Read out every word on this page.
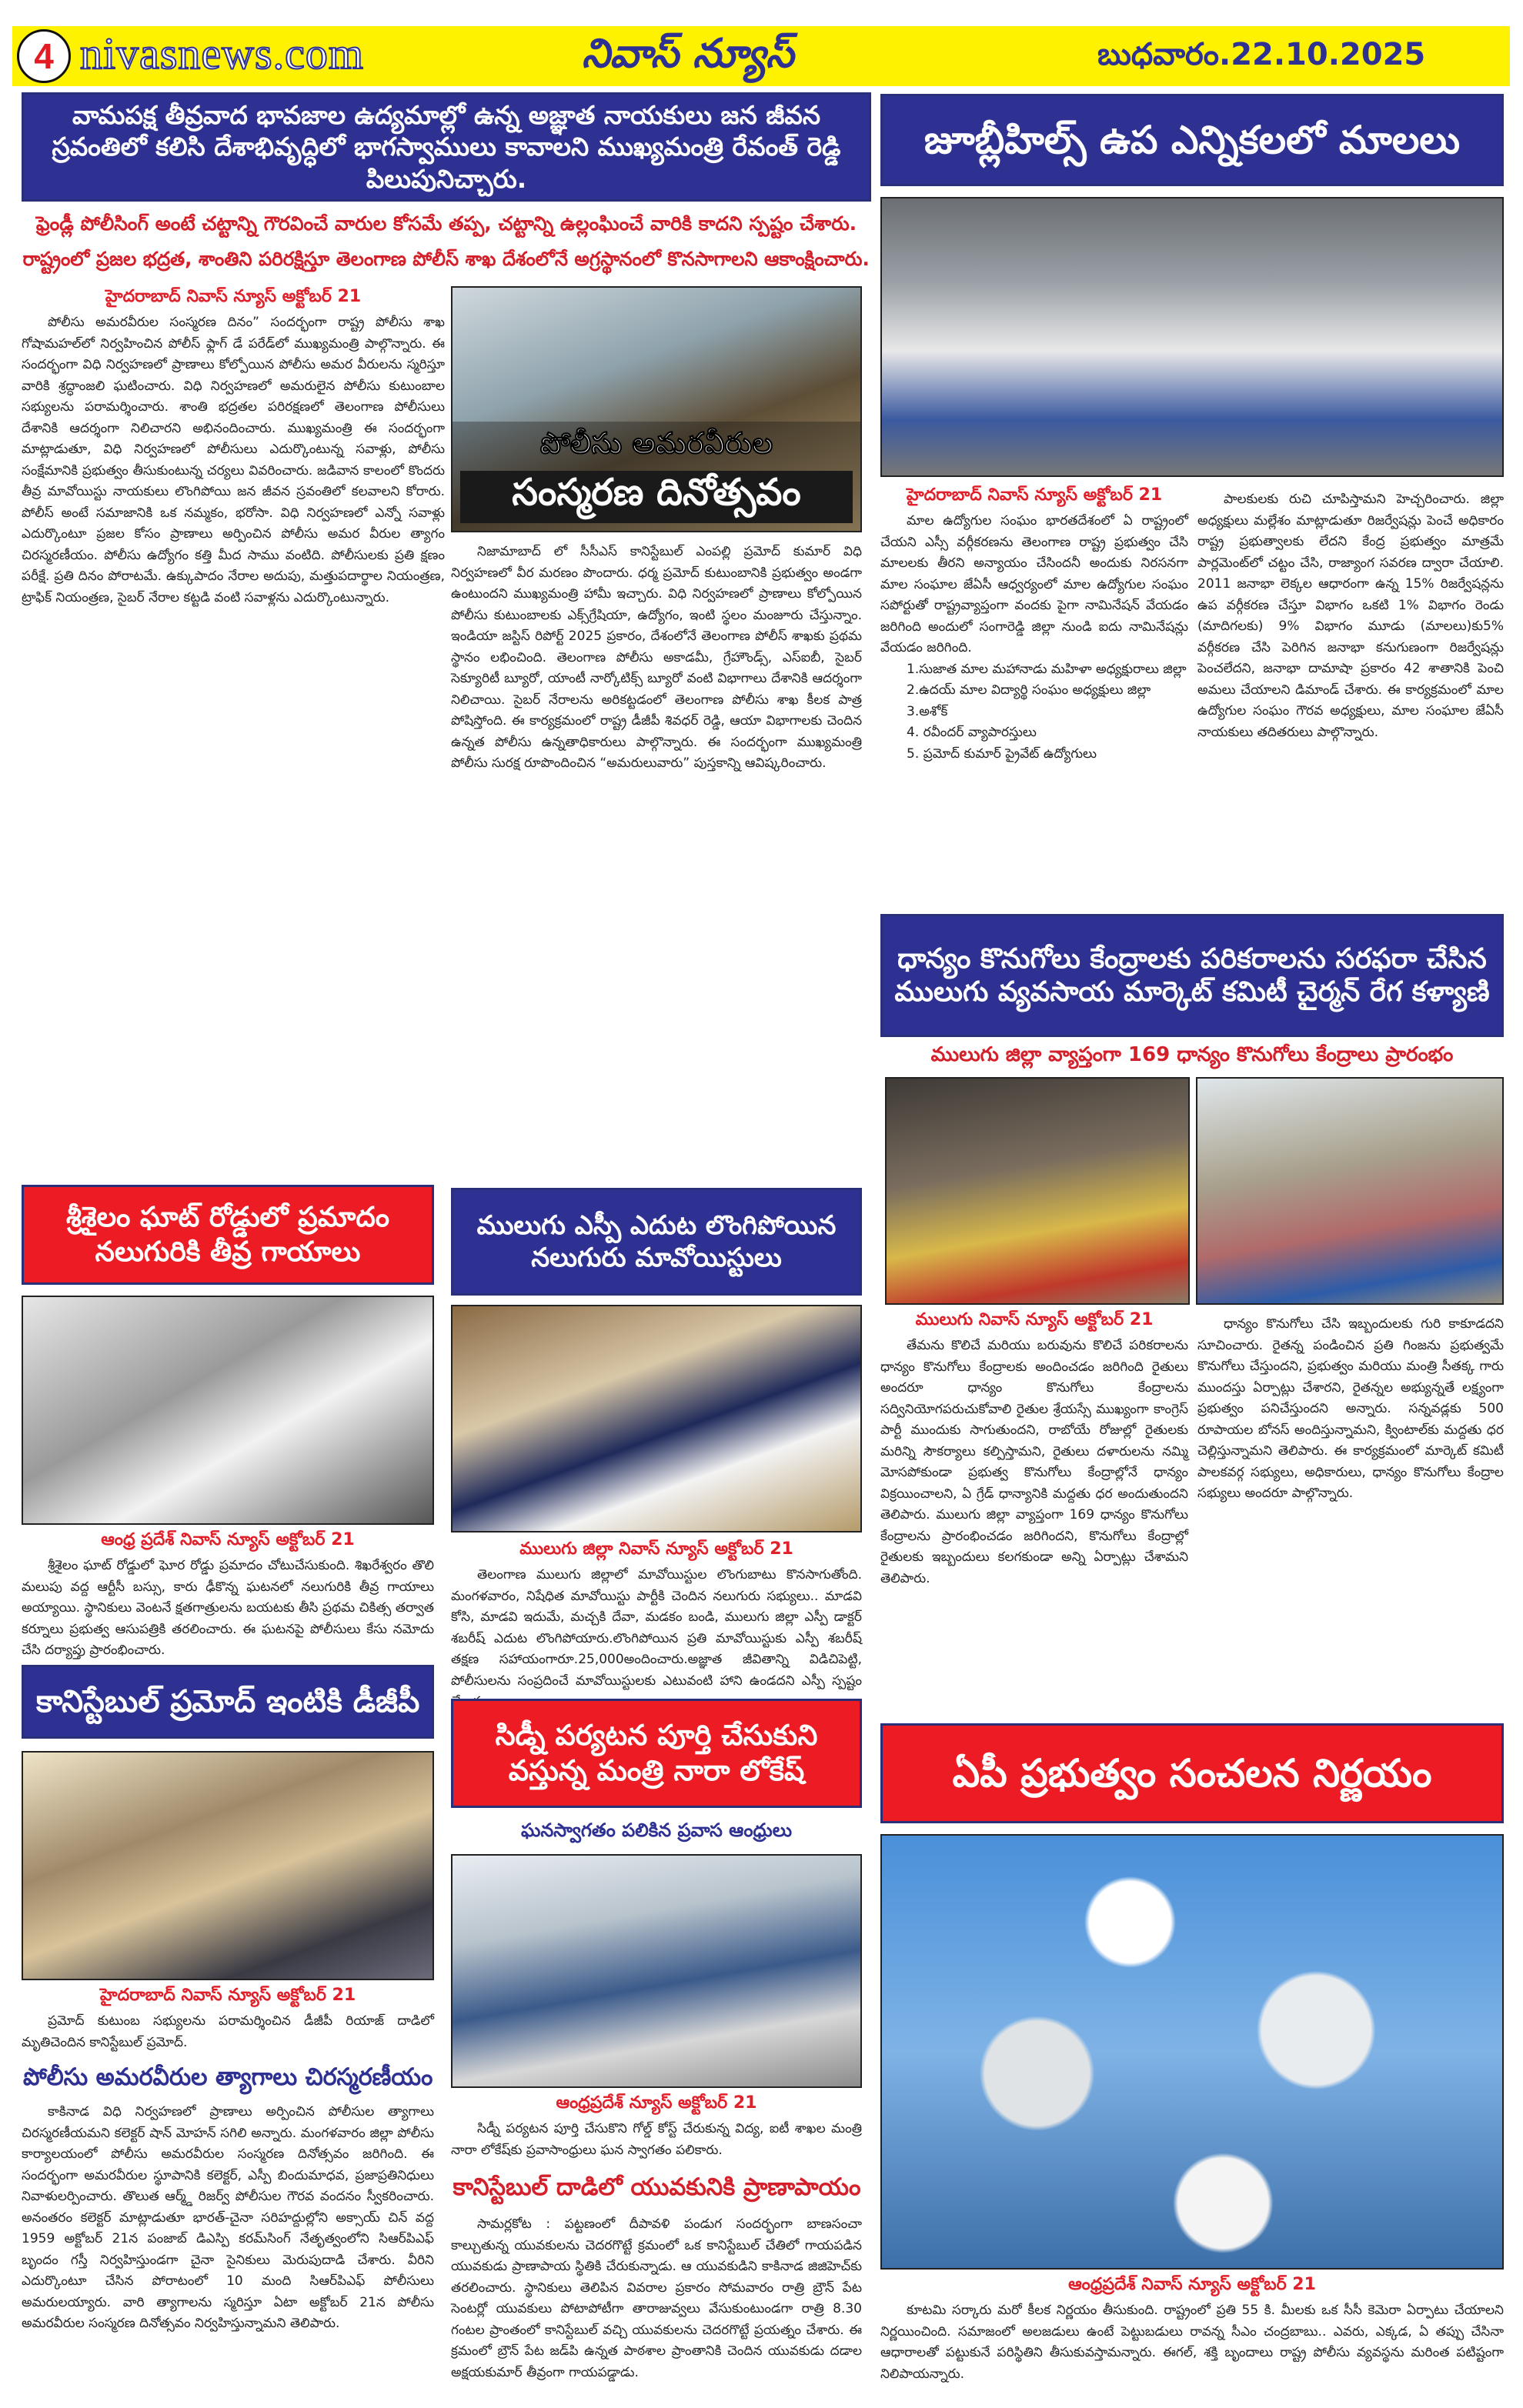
4 nivasnews.com	నివాస్ న్యూస్	బుధవారం.22.10.2025
వామపక్ష తీవ్రవాద భావజాల ఉద్యమాల్లో ఉన్న అజ్ఞాత నాయకులు జన జీవన స్రవంతిలో కలిసి దేశాభివృద్ధిలో భాగస్వాములు కావాలని ముఖ్యమంత్రి రేవంత్ రెడ్డి పిలుపునిచ్చారు.
ఫ్రెండ్లీ పోలీసింగ్ అంటే చట్టాన్ని గౌరవించే వారుల కోసమే తప్ప, చట్టాన్ని ఉల్లంఘించే వారికి కాదని స్పష్టం చేశారు.
రాష్ట్రంలో ప్రజల భద్రత, శాంతిని పరిరక్షిస్తూ తెలంగాణ పోలీస్ శాఖ దేశంలోనే అగ్రస్థానంలో కొనసాగాలని ఆకాంక్షించారు.
హైదరాబాద్ నివాస్ న్యూస్ అక్టోబర్ 21

పోలీసు అమరవీరుల సంస్మరణ దినం” సందర్భంగా రాష్ట్ర పోలీసు శాఖ గోషామహల్‌లో నిర్వహించిన పోలీస్ ఫ్లాగ్ డే పరేడ్‌లో ముఖ్యమంత్రి పాల్గొన్నారు. ఈ సందర్భంగా విధి నిర్వహణలో ప్రాణాలు కోల్పోయిన పోలీసు అమర వీరులను స్మరిస్తూ వారికి శ్రద్ధాంజలి ఘటించారు. విధి నిర్వహణలో అమరులైన పోలీసు కుటుంబాల సభ్యులను పరామర్శించారు. శాంతి భద్రతల పరిరక్షణలో తెలంగాణ పోలీసులు దేశానికి ఆదర్శంగా నిలిచారని అభినందించారు. ముఖ్యమంత్రి ఈ సందర్భంగా మాట్లాడుతూ, విధి నిర్వహణలో పోలీసులు ఎదుర్కొంటున్న సవాళ్లు, పోలీసు సంక్షేమానికి ప్రభుత్వం తీసుకుంటున్న చర్యలు వివరించారు. జడివాన కాలంలో కొందరు తీవ్ర మావోయిస్టు నాయకులు లొంగిపోయి జన జీవన స్రవంతిలో కలవాలని కోరారు. పోలీస్ అంటే సమాజానికి ఒక నమ్మకం, భరోసా. విధి నిర్వహణలో ఎన్నో సవాళ్లు ఎదుర్కొంటూ ప్రజల కోసం ప్రాణాలు అర్పించిన పోలీసు అమర వీరుల త్యాగం చిరస్మరణీయం. పోలీసు ఉద్యోగం కత్తి మీద సాము వంటిది. పోలీసులకు ప్రతి క్షణం పరీక్షే. ప్రతి దినం పోరాటమే. ఉక్కుపాదం నేరాల అదుపు, మత్తుపదార్థాల నియంత్రణ, ట్రాఫిక్ నియంత్రణ, సైబర్ నేరాల కట్టడి వంటి సవాళ్లను ఎదుర్కొంటున్నారు.

పోలీసు అమరవీరుల
సంస్మరణ దినోత్సవం

నిజామాబాద్ లో సీసీఎస్ కానిస్టేబుల్ ఎంపల్లి ప్రమోద్ కుమార్ విధి నిర్వహణలో వీర మరణం పొందారు. ధర్మ ప్రమోద్ కుటుంబానికి ప్రభుత్వం అండగా ఉంటుందని ముఖ్యమంత్రి హామీ ఇచ్చారు. విధి నిర్వహణలో ప్రాణాలు కోల్పోయిన పోలీసు కుటుంబాలకు ఎక్స్‌గ్రేషియా, ఉద్యోగం, ఇంటి స్థలం మంజూరు చేస్తున్నాం. ఇండియా జస్టిస్ రిపోర్ట్ 2025 ప్రకారం, దేశంలోనే తెలంగాణ పోలీస్ శాఖకు ప్రథమ స్థానం లభించింది. తెలంగాణ పోలీసు అకాడమీ, గ్రేహౌండ్స్, ఎస్ఐబీ, సైబర్ సెక్యూరిటీ బ్యూరో, యాంటీ నార్కోటిక్స్ బ్యూరో వంటి విభాగాలు దేశానికి ఆదర్శంగా నిలిచాయి. సైబర్ నేరాలను అరికట్టడంలో తెలంగాణ పోలీసు శాఖ కీలక పాత్ర పోషిస్తోంది. ఈ కార్యక్రమంలో రాష్ట్ర డీజీపీ శివధర్ రెడ్డి, ఆయా విభాగాలకు చెందిన ఉన్నత పోలీసు ఉన్నతాధికారులు పాల్గొన్నారు. ఈ సందర్భంగా ముఖ్యమంత్రి పోలీసు సురక్ష రూపొందించిన “అమరులువారు” పుస్తకాన్ని ఆవిష్కరించారు.

జూబ్లీహిల్స్ ఉప ఎన్నికలలో మాలలు
హైదరాబాద్ నివాస్ న్యూస్ అక్టోబర్ 21

మాల ఉద్యోగుల సంఘం భారతదేశంలో ఏ రాష్ట్రంలో చేయని ఎస్సీ వర్గీకరణను తెలంగాణ రాష్ట్ర ప్రభుత్వం చేసి మాలలకు తీరని అన్యాయం చేసిందనీ అందుకు నిరసనగా మాల సంఘాల జేఏసీ ఆధ్వర్యంలో మాల ఉద్యోగుల సంఘం సపోర్టుతో రాష్ట్రవ్యాప్తంగా వందకు పైగా నామినేషన్ వేయడం జరిగింది అందులో సంగారెడ్డి జిల్లా నుండి ఐదు నామినేషన్లు వేయడం జరిగింది.

1.సుజాత మాల మహానాడు మహిళా అధ్యక్షురాలు జిల్లా

2.ఉదయ్ మాల విద్యార్థి సంఘం అధ్యక్షులు జిల్లా

3.అశోక్

4. రవీందర్ వ్యాపారస్తులు

5. ప్రమోద్ కుమార్ ప్రైవేట్ ఉద్యోగులు

పాలకులకు రుచి చూపిస్తామని హెచ్చరించారు. జిల్లా అధ్యక్షులు మల్లేశం మాట్లాడుతూ రిజర్వేషన్లు పెంచే అధికారం రాష్ట్ర ప్రభుత్వాలకు లేదని కేంద్ర ప్రభుత్వం మాత్రమే పార్లమెంట్‌లో చట్టం చేసి, రాజ్యాంగ సవరణ ద్వారా చేయాలి. 2011 జనాభా లెక్కల ఆధారంగా ఉన్న 15% రిజర్వేషన్లను ఉప వర్గీకరణ చేస్తూ విభాగం ఒకటి 1% విభాగం రెండు (మాదిగలకు) 9% విభాగం మూడు (మాలలు)కు5% వర్గీకరణ చేసి పెరిగిన జనాభా కనుగుణంగా రిజర్వేషన్లు పెంచలేదని, జనాభా దామాషా ప్రకారం 42 శాతానికి పెంచి అమలు చేయాలని డిమాండ్ చేశారు. ఈ కార్యక్రమంలో మాల ఉద్యోగుల సంఘం గౌరవ అధ్యక్షులు, మాల సంఘాల జేఏసీ నాయకులు తదితరులు పాల్గొన్నారు.

ధాన్యం కొనుగోలు కేంద్రాలకు పరికరాలను సరఫరా చేసిన ములుగు వ్యవసాయ మార్కెట్ కమిటీ చైర్మన్ రేగ కళ్యాణి
ములుగు జిల్లా వ్యాప్తంగా 169 ధాన్యం కొనుగోలు కేంద్రాలు ప్రారంభం
ములుగు నివాస్ న్యూస్ అక్టోబర్ 21

తేమను కొలిచే మరియు బరువును కొలిచే పరికరాలను ధాన్యం కొనుగోలు కేంద్రాలకు అందించడం జరిగింది రైతులు అందరూ ధాన్యం కొనుగోలు కేంద్రాలను సద్వినియోగపరుచుకోవాలి రైతుల శ్రేయస్సే ముఖ్యంగా కాంగ్రెస్ పార్టీ ముందుకు సాగుతుందని, రాబోయే రోజుల్లో రైతులకు మరిన్ని సౌకర్యాలు కల్పిస్తామని, రైతులు దళారులను నమ్మి మోసపోకుండా ప్రభుత్వ కొనుగోలు కేంద్రాల్లోనే ధాన్యం విక్రయించాలని, ఏ గ్రేడ్ ధాన్యానికి మద్దతు ధర అందుతుందని తెలిపారు. ములుగు జిల్లా వ్యాప్తంగా 169 ధాన్యం కొనుగోలు కేంద్రాలను ప్రారంభించడం జరిగిందని, కొనుగోలు కేంద్రాల్లో రైతులకు ఇబ్బందులు కలగకుండా అన్ని ఏర్పాట్లు చేశామని తెలిపారు.

ధాన్యం కొనుగోలు చేసి ఇబ్బందులకు గురి కాకూడదని సూచించారు. రైతన్న పండించిన ప్రతి గింజను ప్రభుత్వమే కొనుగోలు చేస్తుందని, ప్రభుత్వం మరియు మంత్రి సీతక్క గారు ముందస్తు ఏర్పాట్లు చేశారని, రైతన్నల అభ్యున్నతే లక్ష్యంగా ప్రభుత్వం పనిచేస్తుందని అన్నారు. సన్నవడ్లకు 500 రూపాయల బోనస్ అందిస్తున్నామని, క్వింటాల్‌కు మద్దతు ధర చెల్లిస్తున్నామని తెలిపారు. ఈ కార్యక్రమంలో మార్కెట్ కమిటీ పాలకవర్గ సభ్యులు, అధికారులు, ధాన్యం కొనుగోలు కేంద్రాల సభ్యులు అందరూ పాల్గొన్నారు.

శ్రీశైలం ఘాట్ రోడ్డులో ప్రమాదం
నలుగురికి తీవ్ర గాయాలు
ఆంధ్ర ప్రదేశ్ నివాస్ న్యూస్ అక్టోబర్ 21

శ్రీశైలం ఘాట్ రోడ్డులో ఘోర రోడ్డు ప్రమాదం చోటుచేసుకుంది. శిఖరేశ్వరం తొలి మలుపు వద్ద ఆర్టీసీ బస్సు, కారు ఢీకొన్న ఘటనలో నలుగురికి తీవ్ర గాయాలు అయ్యాయి. స్థానికులు వెంటనే క్షతగాత్రులను బయటకు తీసి ప్రథమ చికిత్స తర్వాత కర్నూలు ప్రభుత్వ ఆసుపత్రికి తరలించారు. ఈ ఘటనపై పోలీసులు కేసు నమోదు చేసి దర్యాప్తు ప్రారంభించారు.

ములుగు ఎస్పీ ఎదుట లొంగిపోయిన
నలుగురు మావోయిస్టులు
ములుగు జిల్లా నివాస్ న్యూస్ అక్టోబర్ 21

తెలంగాణ ములుగు జిల్లాలో మావోయిస్టుల లొంగుబాటు కొనసాగుతోంది. మంగళవారం, నిషేధిత మావోయిస్టు పార్టీకి చెందిన నలుగురు సభ్యులు.. మాడవి కోసి, మాడవి ఇదుమే, మచ్చకి దేవా, మడకం బండి, ములుగు జిల్లా ఎస్పీ డాక్టర్ శబరీష్ ఎదుట లొంగిపోయారు.లొంగిపోయిన ప్రతి మావోయిస్టుకు ఎస్పీ శబరీష్ తక్షణ సహాయంగారూ.25,000అందించారు.అజ్ఞాత జీవితాన్ని విడిచిపెట్టి, పోలీసులను సంప్రదించే మావోయిస్టులకు ఎటువంటి హాని ఉండదని ఎస్పీ స్పష్టం

కానిస్టేబుల్ ప్రమోద్ ఇంటికి డీజీపీ
హైదరాబాద్ నివాస్ న్యూస్ అక్టోబర్ 21

ప్రమోద్ కుటుంబ సభ్యులను పరామర్శించిన డీజీపీ రియాజ్ దాడిలో మృతిచెందిన కానిస్టేబుల్ ప్రమోద్.

పోలీసు అమరవీరుల త్యాగాలు చిరస్మరణీయం

కాకినాడ విధి నిర్వహణలో ప్రాణాలు అర్పించిన పోలీసుల త్యాగాలు చిరస్మరణీయమని కలెక్టర్ షాన్ మోహన్ సగిలి అన్నారు. మంగళవారం జిల్లా పోలీసు కార్యాలయంలో పోలీసు అమరవీరుల సంస్మరణ దినోత్సవం జరిగింది. ఈ సందర్భంగా అమరవీరుల స్థూపానికి కలెక్టర్, ఎస్పీ బిందుమాధవ, ప్రజాప్రతినిధులు నివాళులర్పించారు. తొలుత ఆర్మ్డ్ రిజర్వ్ పోలీసుల గౌరవ వందనం స్వీకరించారు. అనంతరం కలెక్టర్ మాట్లాడుతూ భారత్-చైనా సరిహద్దుల్లోని అక్సాయ్ చిన్ వద్ద 1959 అక్టోబర్ 21న పంజాబ్ డిఎస్పి కరమ్‌సింగ్ నేతృత్వంలోని సిఆర్‌పిఎఫ్ బృందం గస్తీ నిర్వహిస్తుండగా చైనా సైనికులు మెరుపుదాడి చేశారు. వీరిని ఎదుర్కొంటూ చేసిన పోరాటంలో 10 మంది సిఆర్‌పిఎఫ్ పోలీసులు అమరులయ్యారు. వారి త్యాగాలను స్మరిస్తూ ఏటా అక్టోబర్ 21న పోలీసు అమరవీరుల సంస్మరణ దినోత్సవం నిర్వహిస్తున్నామని తెలిపారు.

సిడ్నీ పర్యటన పూర్తి చేసుకుని
వస్తున్న మంత్రి నారా లోకేష్
ఘనస్వాగతం పలికిన ప్రవాస ఆంధ్రులు
ఆంధ్రప్రదేశ్ న్యూస్ అక్టోబర్ 21

సిడ్నీ పర్యటన పూర్తి చేసుకొని గోల్డ్ కోస్ట్ చేరుకున్న విద్య, ఐటీ శాఖల మంత్రి నారా లోకేష్‌కు ప్రవాసాంధ్రులు ఘన స్వాగతం పలికారు.

కానిస్టేబుల్ దాడిలో యువకునికి ప్రాణాపాయం

సామర్లకోట : పట్టణంలో దీపావళి పండుగ సందర్భంగా బాణసంచా కాల్చుతున్న యువకులను చెదరగొట్టే క్రమంలో ఒక కానిస్టేబుల్ చేతిలో గాయపడిన యువకుడు ప్రాణాపాయ స్థితికి చేరుకున్నాడు. ఆ యువకుడిని కాకినాడ జిజిహెచ్‌కు తరలించారు. స్థానికులు తెలిపిన వివరాల ప్రకారం సోమవారం రాత్రి బ్రౌన్ పేట సెంటర్లో యువకులు పోటాపోటీగా తారాజువ్వలు వేసుకుంటుండగా రాత్రి 8.30 గంటల ప్రాంతంలో కానిస్టేబుల్ వచ్చి యువకులను చెదరగొట్టే ప్రయత్నం చేశారు. ఈ క్రమంలో బ్రౌన్ పేట జడ్‌పి ఉన్నత పాఠశాల ప్రాంతానికి చెందిన యువకుడు దడాల అక్షయకుమార్ తీవ్రంగా గాయపడ్డాడు.

ఏపీ ప్రభుత్వం సంచలన నిర్ణయం
ఆంధ్రప్రదేశ్ నివాస్ న్యూస్ అక్టోబర్ 21

కూటమి సర్కారు మరో కీలక నిర్ణయం తీసుకుంది. రాష్ట్రంలో ప్రతి 55 కి. మీలకు ఒక సీసీ కెమెరా ఏర్పాటు చేయాలని నిర్ణయించింది. సమాజంలో అలజడులు ఉంటే పెట్టుబడులు రావన్న సీఎం చంద్రబాబు.. ఎవరు, ఎక్కడ, ఏ తప్పు చేసినా ఆధారాలతో పట్టుకునే పరిస్థితిని తీసుకువస్తామన్నారు. ఈగల్, శక్తి బృందాలు రాష్ట్ర పోలీసు వ్యవస్థను మరింత పటిష్టంగా నిలిపాయన్నారు.
